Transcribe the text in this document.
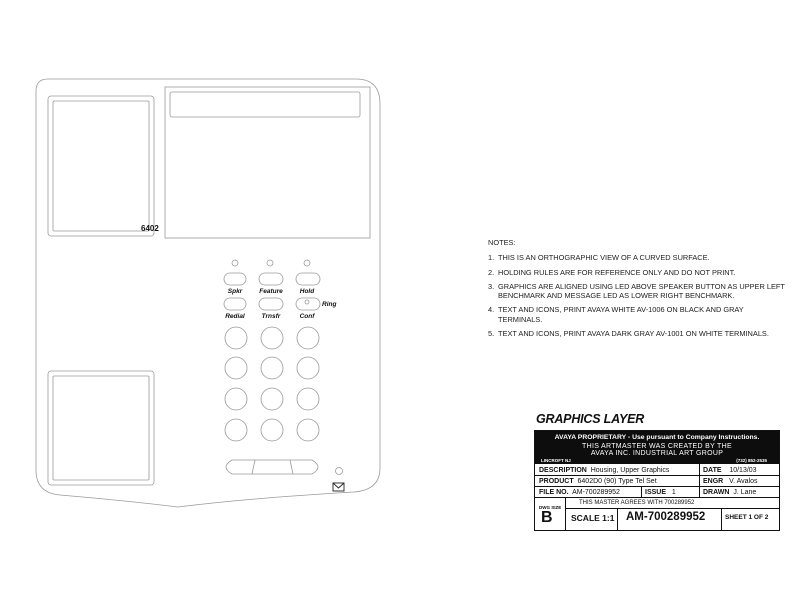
6402
Spkr	Feature	Hold
Ring
Redial	Trnsfr	Conf
NOTES:
1. THIS IS AN ORTHOGRAPHIC VIEW OF A CURVED SURFACE.
2. HOLDING RULES ARE FOR REFERENCE ONLY AND DO NOT PRINT.
3. GRAPHICS ARE ALIGNED USING LED ABOVE SPEAKER BUTTON AS UPPER LEFT BENCHMARK AND MESSAGE LED AS LOWER RIGHT BENCHMARK.
4. TEXT AND ICONS, PRINT AVAYA WHITE AV-1006 ON BLACK AND GRAY TERMINALS.
5. TEXT AND ICONS, PRINT AVAYA DARK GRAY AV-1001 ON WHITE TERMINALS.
GRAPHICS LAYER
AVAYA PROPRIETARY - Use pursuant to Company Instructions.
THIS ARTMASTER WAS CREATED BY THE
AVAYA INC. INDUSTRIAL ART GROUP
LINCROFT NJ	(732) 852-2535
DESCRIPTION Housing, Upper Graphics	DATE 10/13/03
PRODUCT 6402D0 (90) Type Tel Set	ENGR V. Avalos
FILE NO. AM-700289952	ISSUE 1	DRAWN J. Lane
DWG SIZE
B
THIS MASTER AGREES WITH 700289952
SCALE 1:1 AM-700289952	SHEET 1 OF 2
